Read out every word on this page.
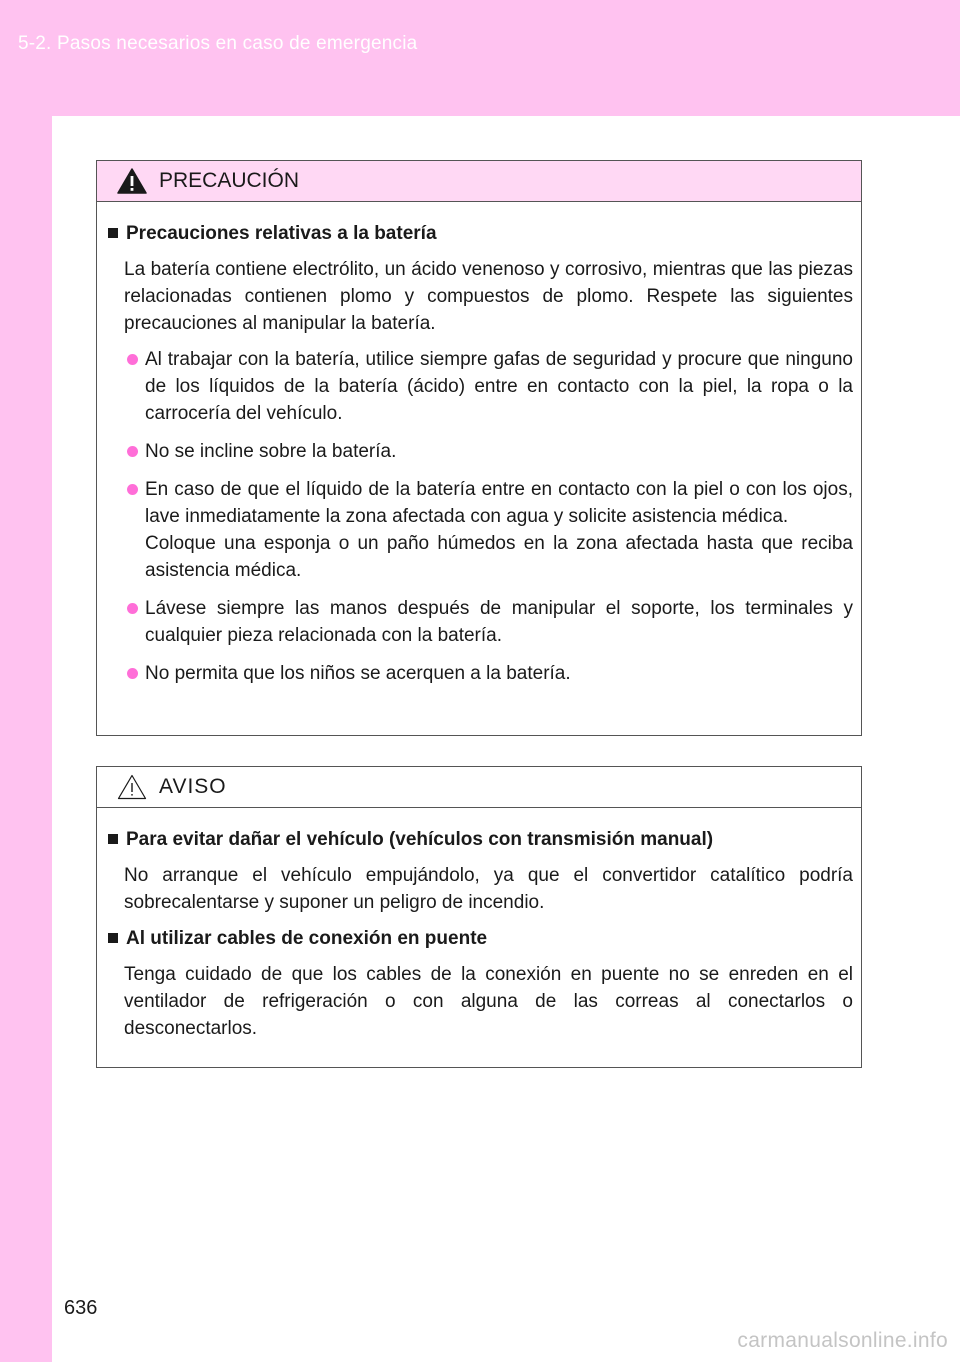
5-2. Pasos necesarios en caso de emergencia
PRECAUCIÓN
Precauciones relativas a la batería

La batería contiene electrólito, un ácido venenoso y corrosivo, mientras que las piezas relacionadas contienen plomo y compuestos de plomo. Respete las siguientes precauciones al manipular la batería.

Al trabajar con la batería, utilice siempre gafas de seguridad y procure que ninguno de los líquidos de la batería (ácido) entre en contacto con la piel, la ropa o la carrocería del vehículo.
No se incline sobre la batería.
En caso de que el líquido de la batería entre en contacto con la piel o con los ojos, lave inmediatamente la zona afectada con agua y solicite asistencia médica.
Coloque una esponja o un paño húmedos en la zona afectada hasta que reciba asistencia médica.
Lávese siempre las manos después de manipular el soporte, los terminales y cualquier pieza relacionada con la batería.
No permita que los niños se acerquen a la batería.
AVISO
Para evitar dañar el vehículo (vehículos con transmisión manual)

No arranque el vehículo empujándolo, ya que el convertidor catalítico podría sobrecalentarse y suponer un peligro de incendio.

Al utilizar cables de conexión en puente

Tenga cuidado de que los cables de la conexión en puente no se enreden en el ventilador de refrigeración o con alguna de las correas al conectarlos o desconectarlos.

636
carmanualsonline.info
